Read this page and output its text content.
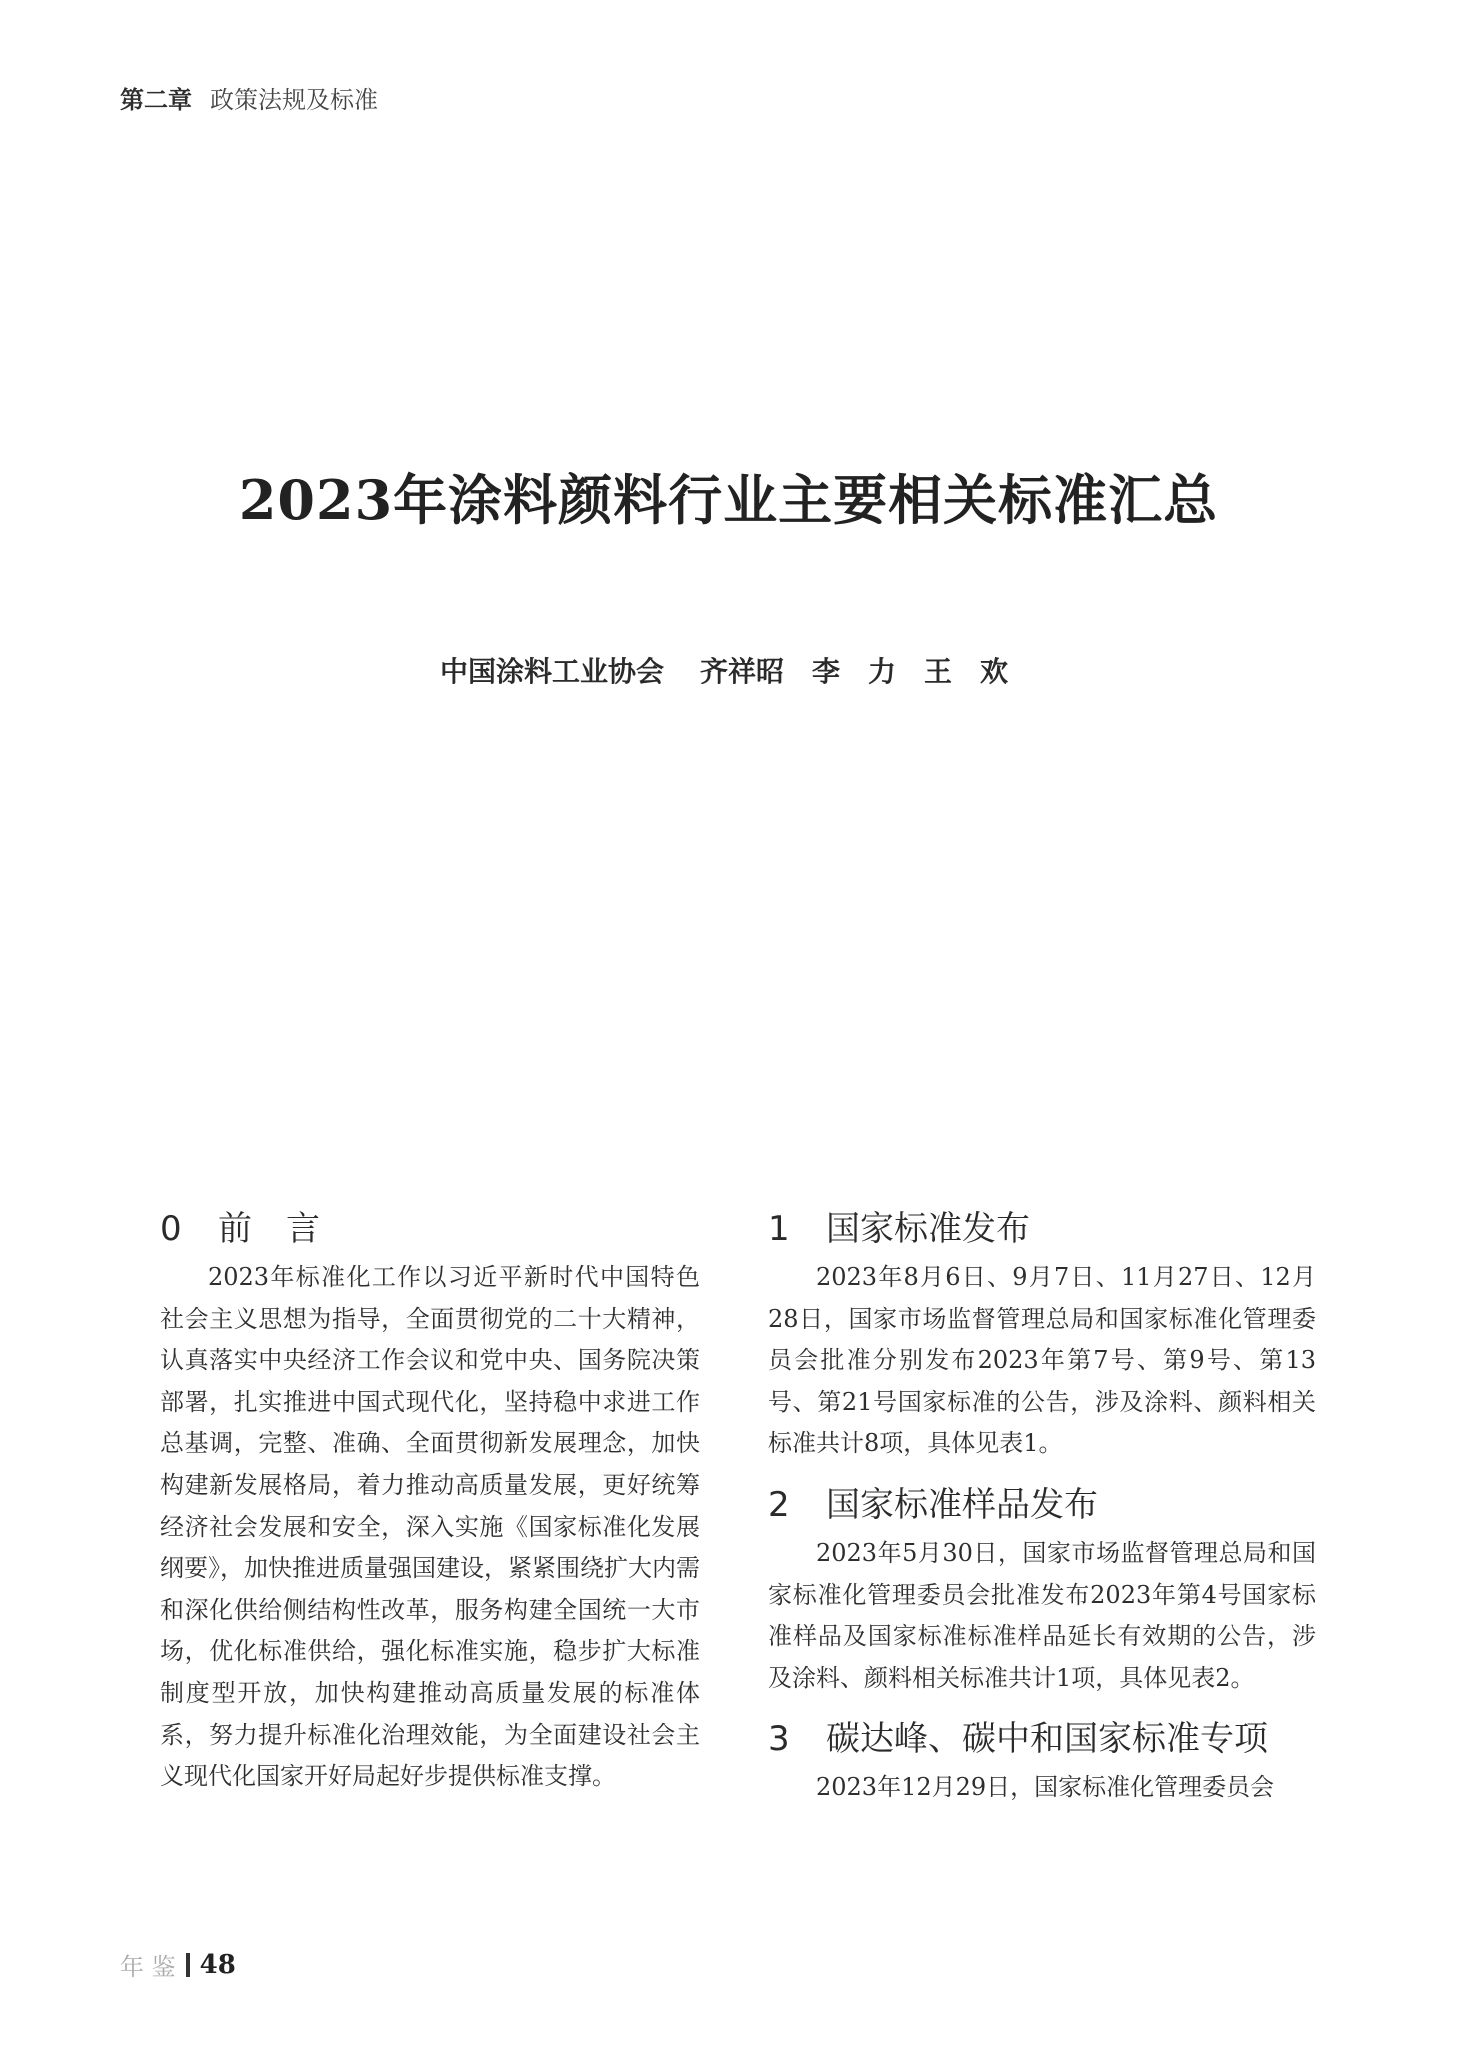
第二章 政策法规及标准
2023年涂料颜料行业主要相关标准汇总
中国涂料工业协会 齐祥昭 李　力 王　欢
0 前　言

2023年标准化工作以习近平新时代中国特色社会主义思想为指导，全面贯彻党的二十大精神，认真落实中央经济工作会议和党中央、国务院决策部署，扎实推进中国式现代化，坚持稳中求进工作总基调，完整、准确、全面贯彻新发展理念，加快构建新发展格局，着力推动高质量发展，更好统筹经济社会发展和安全，深入实施《国家标准化发展纲要》，加快推进质量强国建设，紧紧围绕扩大内需和深化供给侧结构性改革，服务构建全国统一大市场，优化标准供给，强化标准实施，稳步扩大标准制度型开放，加快构建推动高质量发展的标准体系，努力提升标准化治理效能，为全面建设社会主义现代化国家开好局起好步提供标准支撑。

1 国家标准发布

2023年8月6日、9月7日、11月27日、12月28日，国家市场监督管理总局和国家标准化管理委员会批准分别发布2023年第7号、第9号、第13号、第21号国家标准的公告，涉及涂料、颜料相关标准共计8项，具体见表1。

2 国家标准样品发布

2023年5月30日，国家市场监督管理总局和国家标准化管理委员会批准发布2023年第4号国家标准样品及国家标准标准样品延长有效期的公告，涉及涂料、颜料相关标准共计1项，具体见表2。

3 碳达峰、碳中和国家标准专项

2023年12月29日，国家标准化管理委员会

年 鉴 48
